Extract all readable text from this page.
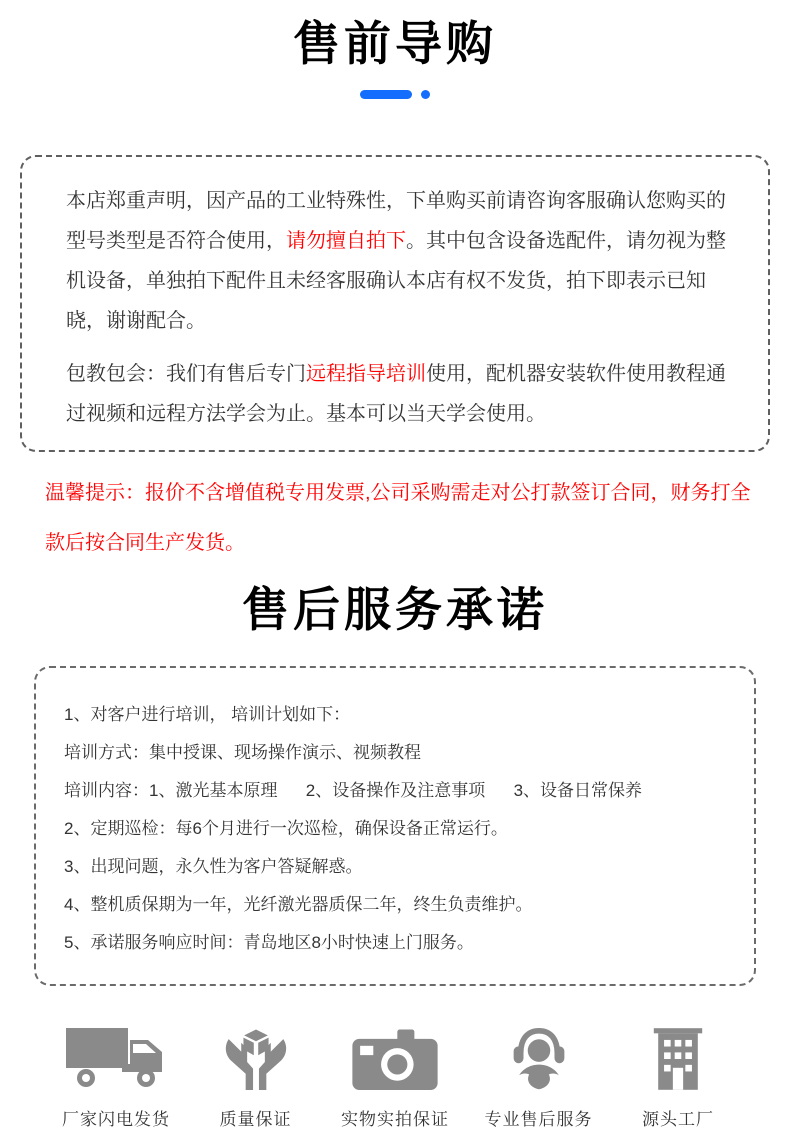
售前导购

本店郑重声明，因产品的工业特殊性，下单购买前请咨询客服确认您购买的型号类型是否符合使用，请勿擅自拍下。其中包含设备选配件，请勿视为整机设备，单独拍下配件且未经客服确认本店有权不发货，拍下即表示已知晓，谢谢配合。

包教包会：我们有售后专门远程指导培训使用，配机器安装软件使用教程通过视频和远程方法学会为止。基本可以当天学会使用。

温馨提示：报价不含增值税专用发票,公司采购需走对公打款签订合同，财务打全款后按合同生产发货。
售后服务承诺
1、对客户进行培训， 培训计划如下：
培训方式：集中授课、现场操作演示、视频教程
培训内容：1、激光基本原理      2、设备操作及注意事项      3、设备日常保养
2、定期巡检：每6个月进行一次巡检，确保设备正常运行。
3、出现问题，永久性为客户答疑解惑。
4、整机质保期为一年，光纤激光器质保二年，终生负责维护。
5、承诺服务响应时间：青岛地区8小时快速上门服务。
厂家闪电发货	质量保证	实物实拍保证 专业售后服务	源头工厂
